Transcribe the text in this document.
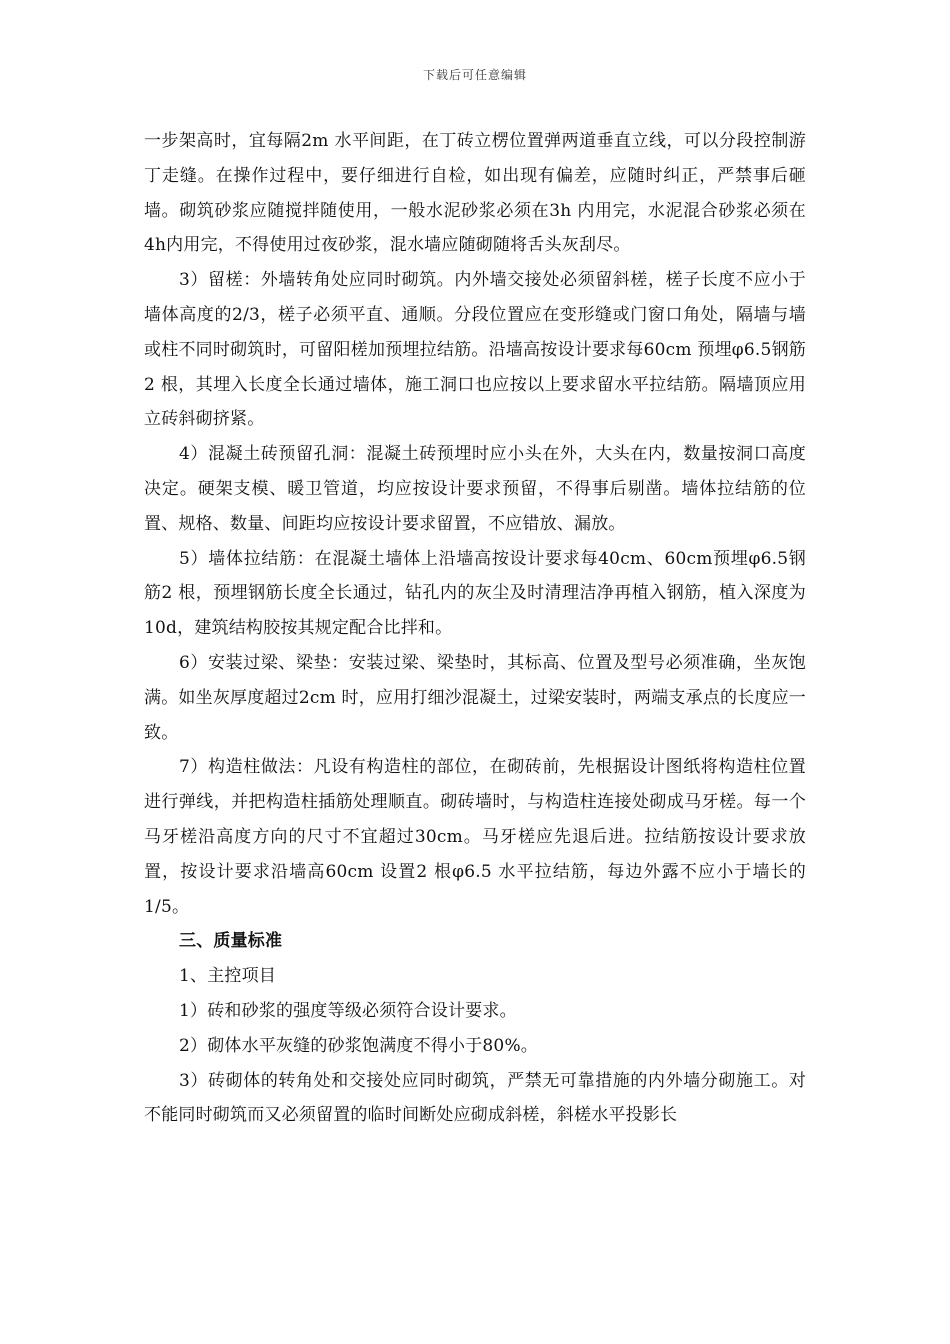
下载后可任意编辑

一步架高时，宜每隔2m 水平间距，在丁砖立楞位置弹两道垂直立线，可以分段控制游丁走缝。在操作过程中，要仔细进行自检，如出现有偏差，应随时纠正，严禁事后砸墙。砌筑砂浆应随搅拌随使用，一般水泥砂浆必须在3h 内用完，水泥混合砂浆必须在4h内用完，不得使用过夜砂浆，混水墙应随砌随将舌头灰刮尽。

3）留槎：外墙转角处应同时砌筑。内外墙交接处必须留斜槎，槎子长度不应小于墙体高度的2/3，槎子必须平直、通顺。分段位置应在变形缝或门窗口角处，隔墙与墙或柱不同时砌筑时，可留阳槎加预埋拉结筋。沿墙高按设计要求每60cm 预埋φ6.5钢筋2 根，其埋入长度全长通过墙体，施工洞口也应按以上要求留水平拉结筋。隔墙顶应用立砖斜砌挤紧。

4）混凝土砖预留孔洞：混凝土砖预埋时应小头在外，大头在内，数量按洞口高度决定。硬架支模、暖卫管道，均应按设计要求预留，不得事后剔凿。墙体拉结筋的位置、规格、数量、间距均应按设计要求留置，不应错放、漏放。

5）墙体拉结筋：在混凝土墙体上沿墙高按设计要求每40cm、60cm预埋φ6.5钢筋2 根，预埋钢筋长度全长通过，钻孔内的灰尘及时清理洁净再植入钢筋，植入深度为10d，建筑结构胶按其规定配合比拌和。

6）安装过梁、梁垫：安装过梁、梁垫时，其标高、位置及型号必须准确，坐灰饱满。如坐灰厚度超过2cm 时，应用打细沙混凝土，过梁安装时，两端支承点的长度应一致。

7）构造柱做法：凡设有构造柱的部位，在砌砖前，先根据设计图纸将构造柱位置进行弹线，并把构造柱插筋处理顺直。砌砖墙时，与构造柱连接处砌成马牙槎。每一个马牙槎沿高度方向的尺寸不宜超过30cm。马牙槎应先退后进。拉结筋按设计要求放置，按设计要求沿墙高60cm 设置2 根φ6.5 水平拉结筋，每边外露不应小于墙长的1/5。

三、质量标准

1、主控项目

1）砖和砂浆的强度等级必须符合设计要求。

2）砌体水平灰缝的砂浆饱满度不得小于80%。

3）砖砌体的转角处和交接处应同时砌筑，严禁无可靠措施的内外墙分砌施工。对不能同时砌筑而又必须留置的临时间断处应砌成斜槎，斜槎水平投影长
